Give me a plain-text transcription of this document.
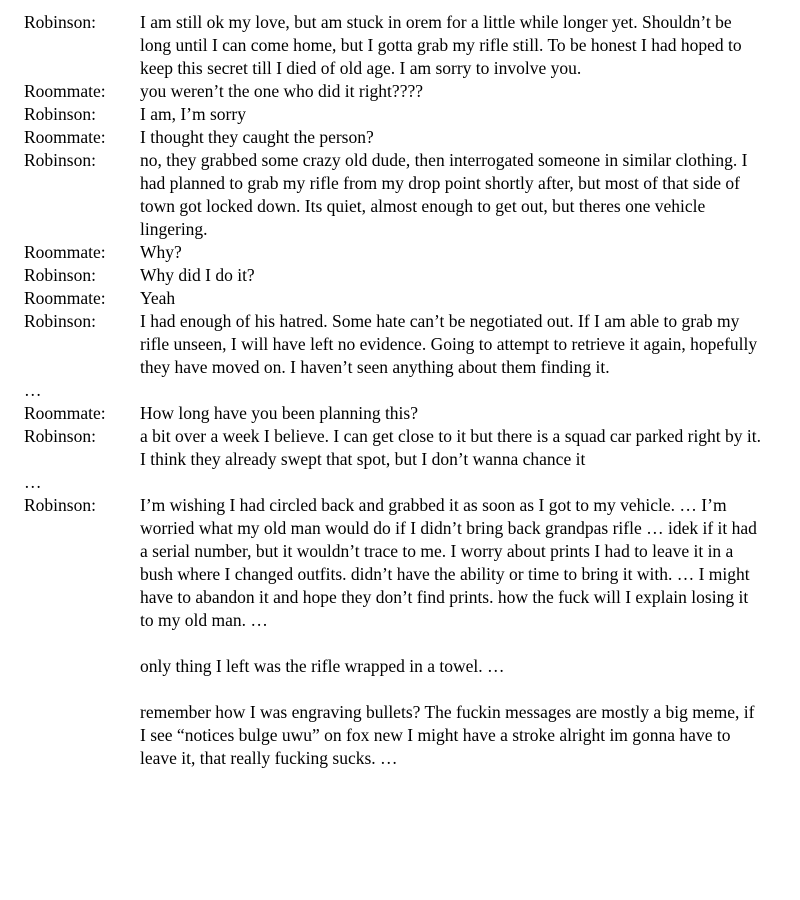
Robinson:	I am still ok my love, but am stuck in orem for a little while longer yet. Shouldn’t be long until I can come home, but I gotta grab my rifle still. To be honest I had hoped to keep this secret till I died of old age. I am sorry to involve you.

Roommate:	you weren’t the one who did it right????

Robinson:	I am, I’m sorry

Roommate:	I thought they caught the person?

Robinson:	no, they grabbed some crazy old dude, then interrogated someone in similar clothing. I had planned to grab my rifle from my drop point shortly after, but most of that side of town got locked down. Its quiet, almost enough to get out, but theres one vehicle lingering.

Roommate:	Why?

Robinson:	Why did I do it?

Roommate:	Yeah

Robinson:	I had enough of his hatred. Some hate can’t be negotiated out. If I am able to grab my rifle unseen, I will have left no evidence. Going to attempt to retrieve it again, hopefully they have moved on. I haven’t seen anything about them finding it.

…
Roommate:	How long have you been planning this?

Robinson:	a bit over a week I believe. I can get close to it but there is a squad car parked right by it. I think they already swept that spot, but I don’t wanna chance it

…
Robinson:	I’m wishing I had circled back and grabbed it as soon as I got to my vehicle. … I’m worried what my old man would do if I didn’t bring back grandpas rifle … idek if it had a serial number, but it wouldn’t trace to me. I worry about prints I had to leave it in a bush where I changed outfits. didn’t have the ability or time to bring it with. … I might have to abandon it and hope they don’t find prints. how the fuck will I explain losing it to my old man. …

only thing I left was the rifle wrapped in a towel. …

remember how I was engraving bullets? The fuckin messages are mostly a big meme, if I see “notices bulge uwu” on fox new I might have a stroke alright im gonna have to leave it, that really fucking sucks. …
